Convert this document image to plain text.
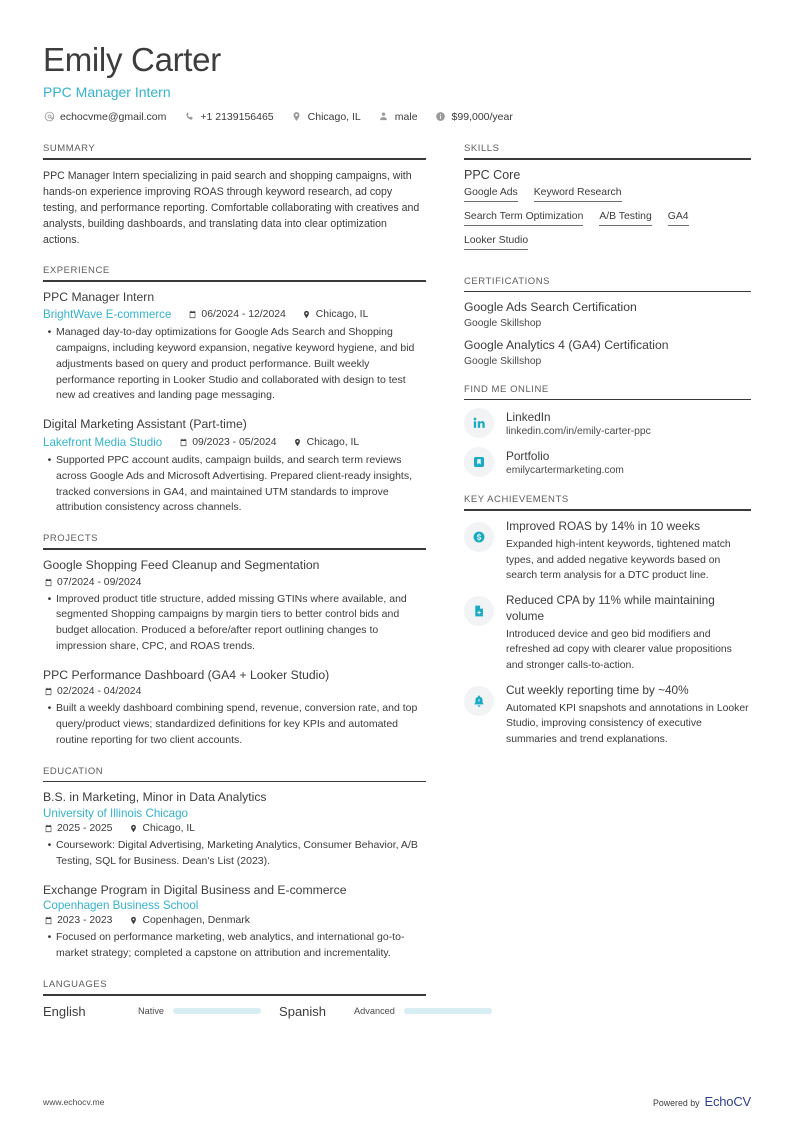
Emily Carter
PPC Manager Intern
echocvme@gmail.com	+1 2139156465	Chicago, IL	male	$99,000/year
SUMMARY
PPC Manager Intern specializing in paid search and shopping campaigns, with hands-on experience improving ROAS through keyword research, ad copy testing, and performance reporting. Comfortable collaborating with creatives and analysts, building dashboards, and translating data into clear optimization actions.
EXPERIENCE
PPC Manager Intern
BrightWave E-commerce	06/2024 - 12/2024	Chicago, IL
• Managed day-to-day optimizations for Google Ads Search and Shopping campaigns, including keyword expansion, negative keyword hygiene, and bid adjustments based on query and product performance. Built weekly performance reporting in Looker Studio and collaborated with design to test new ad creatives and landing page messaging.
Digital Marketing Assistant (Part-time)
Lakefront Media Studio	09/2023 - 05/2024	Chicago, IL
• Supported PPC account audits, campaign builds, and search term reviews across Google Ads and Microsoft Advertising. Prepared client-ready insights, tracked conversions in GA4, and maintained UTM standards to improve attribution consistency across channels.
PROJECTS
Google Shopping Feed Cleanup and Segmentation
07/2024 - 09/2024
• Improved product title structure, added missing GTINs where available, and segmented Shopping campaigns by margin tiers to better control bids and budget allocation. Produced a before/after report outlining changes to impression share, CPC, and ROAS trends.
PPC Performance Dashboard (GA4 + Looker Studio)
02/2024 - 04/2024
• Built a weekly dashboard combining spend, revenue, conversion rate, and top query/product views; standardized definitions for key KPIs and automated routine reporting for two client accounts.
EDUCATION
B.S. in Marketing, Minor in Data Analytics
University of Illinois Chicago
2025 - 2025	Chicago, IL
• Coursework: Digital Advertising, Marketing Analytics, Consumer Behavior, A/B Testing, SQL for Business. Dean's List (2023).
Exchange Program in Digital Business and E-commerce
Copenhagen Business School
2023 - 2023	Copenhagen, Denmark
• Focused on performance marketing, web analytics, and international go-to-market strategy; completed a capstone on attribution and incrementality.
LANGUAGES
English	Native	Spanish	Advanced
SKILLS
PPC Core
Google Ads Keyword Research
Search Term Optimization A/B Testing GA4
Looker Studio
CERTIFICATIONS
Google Ads Search Certification
Google Skillshop
Google Analytics 4 (GA4) Certification
Google Skillshop
FIND ME ONLINE
LinkedIn
linkedin.com/in/emily-carter-ppc
Portfolio
emilycartermarketing.com
KEY ACHIEVEMENTS
Improved ROAS by 14% in 10 weeks
Expanded high-intent keywords, tightened match types, and added negative keywords based on search term analysis for a DTC product line.
Reduced CPA by 11% while maintaining volume
Introduced device and geo bid modifiers and refreshed ad copy with clearer value propositions and stronger calls-to-action.
Cut weekly reporting time by ~40%
Automated KPI snapshots and annotations in Looker Studio, improving consistency of executive summaries and trend explanations.
www.echocv.me	Powered by EchoCV
